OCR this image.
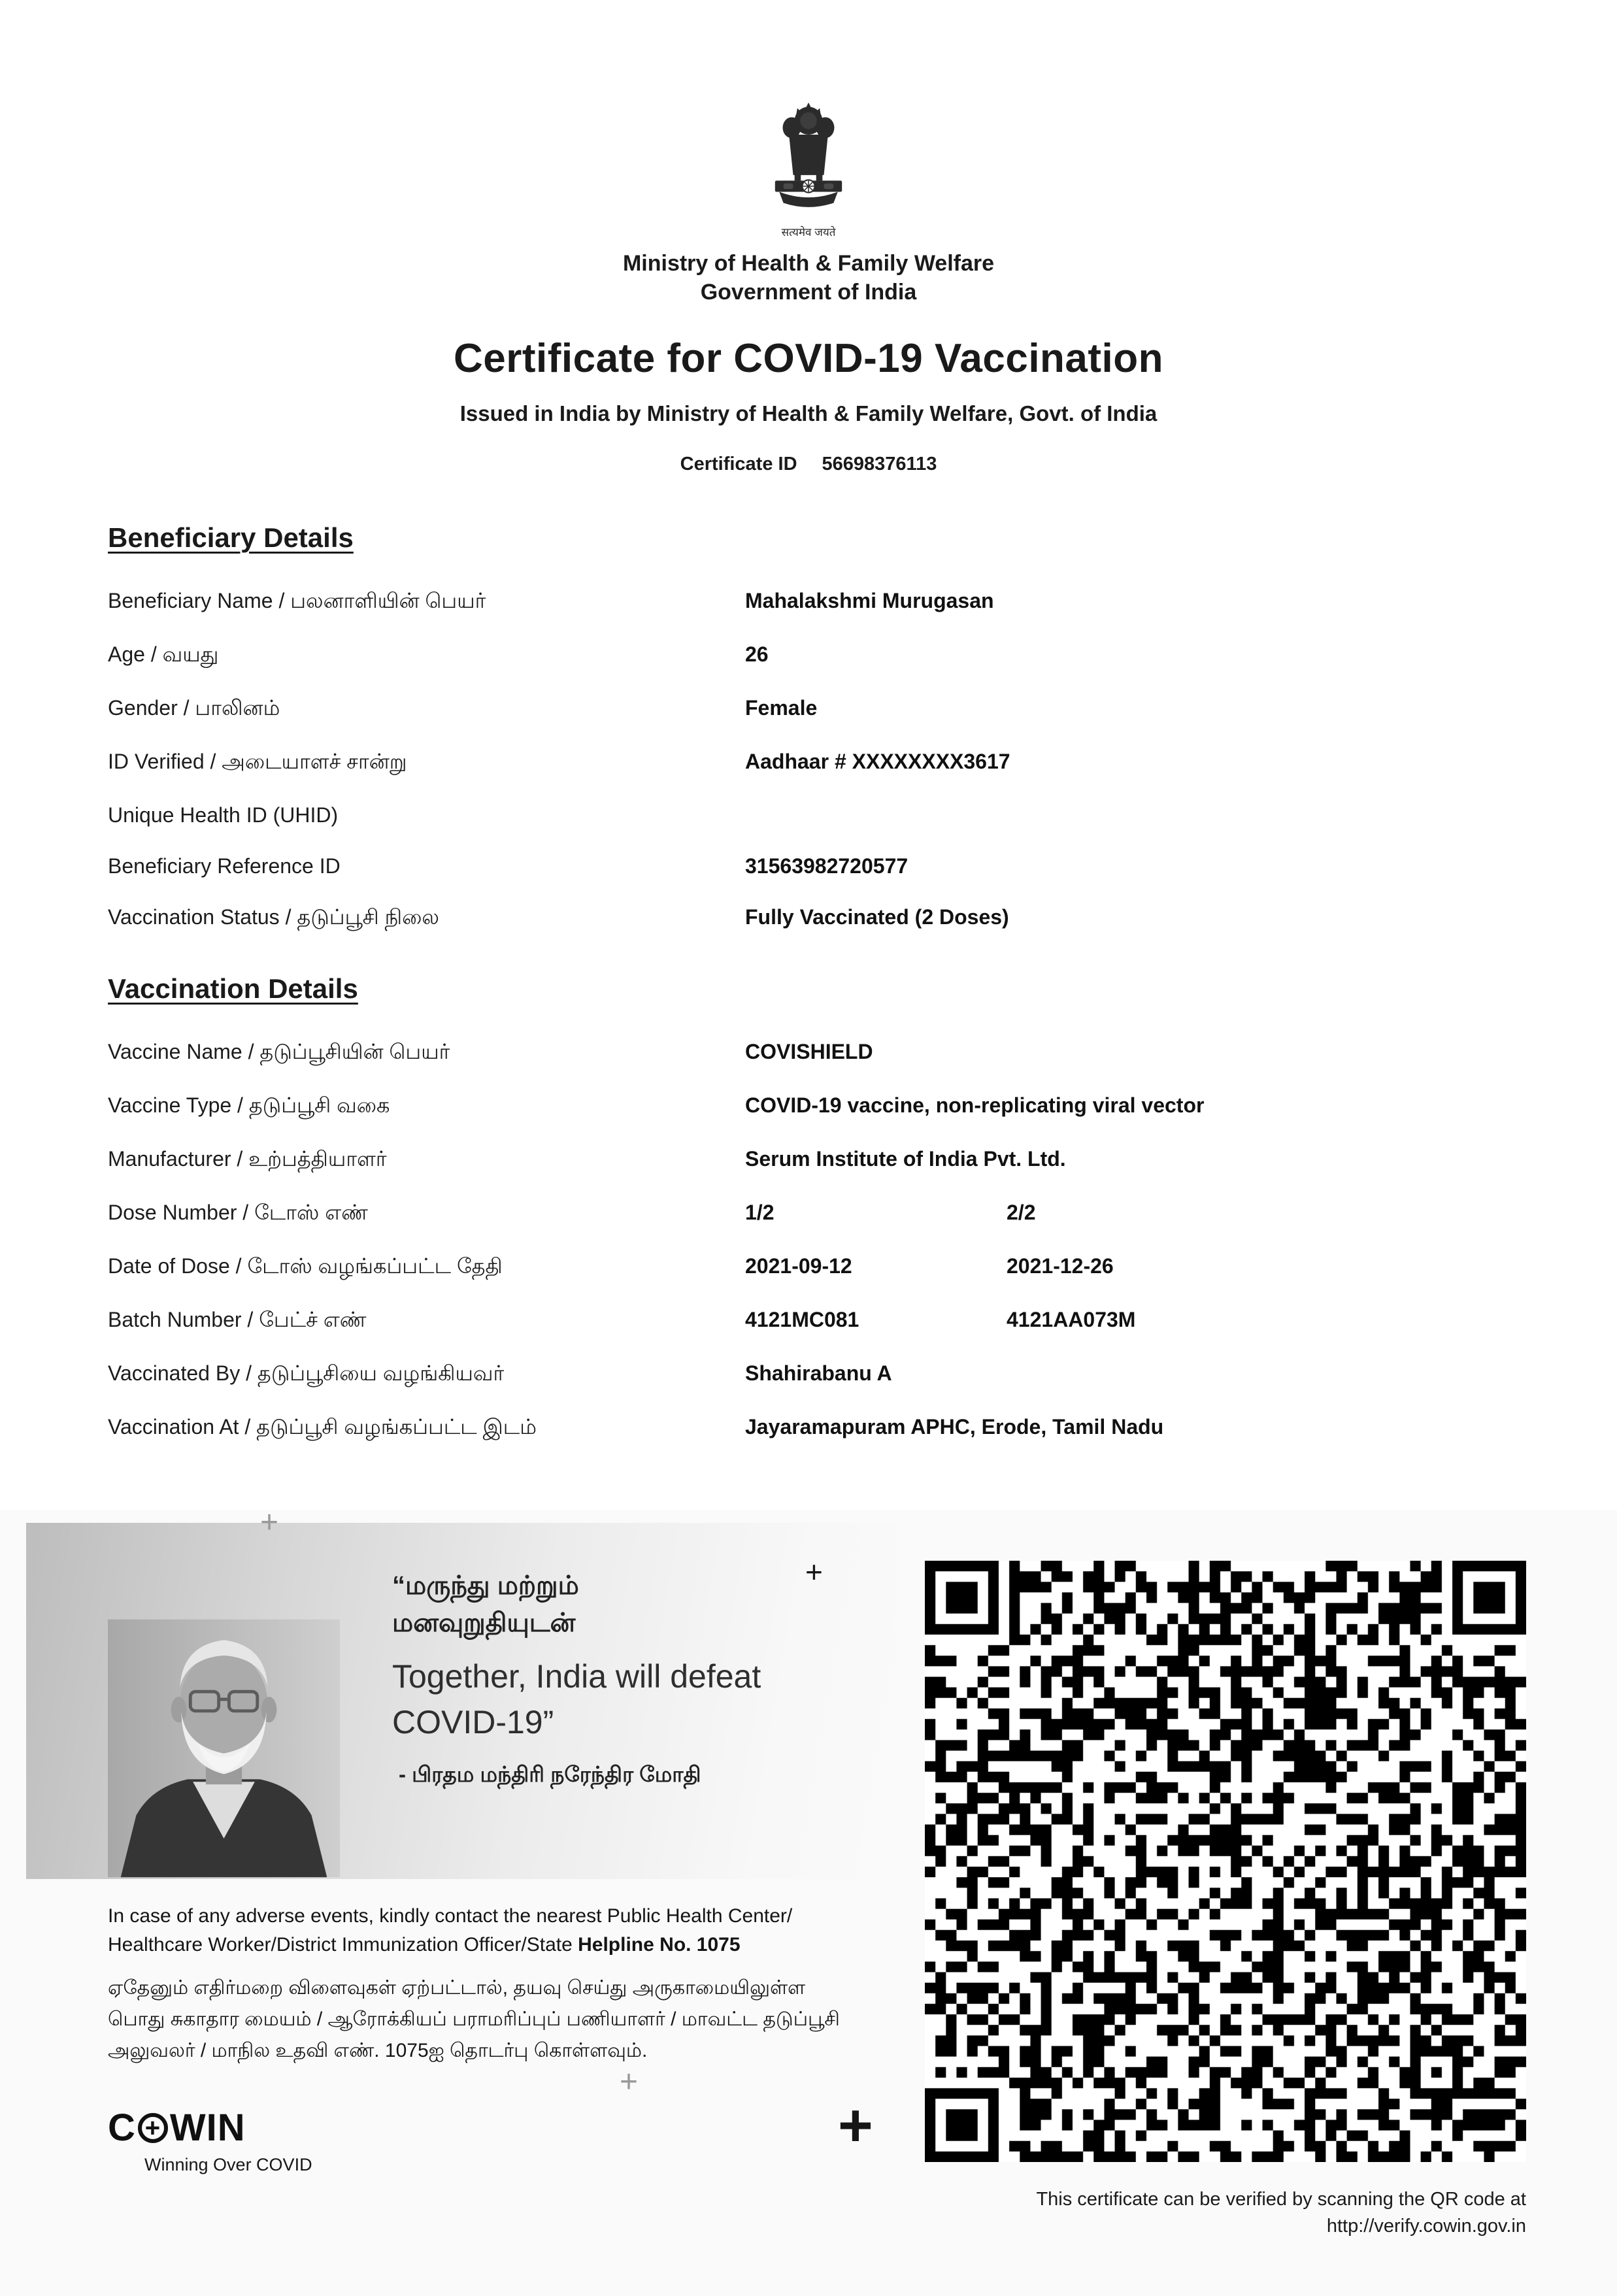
सत्यमेव जयते
Ministry of Health & Family Welfare
Government of India
Certificate for COVID-19 Vaccination
Issued in India by Ministry of Health & Family Welfare, Govt. of India
Certificate ID 56698376113
Beneficiary Details
Beneficiary Name / பலனாளியின் பெயர்	Mahalakshmi Murugasan
Age / வயது	26
Gender / பாலினம்	Female
ID Verified / அடையாளச் சான்று	Aadhaar # XXXXXXXX3617
Unique Health ID (UHID)
Beneficiary Reference ID	31563982720577
Vaccination Status / தடுப்பூசி நிலை	Fully Vaccinated (2 Doses)
Vaccination Details
Vaccine Name / தடுப்பூசியின் பெயர்	COVISHIELD
Vaccine Type / தடுப்பூசி வகை	COVID-19 vaccine, non-replicating viral vector
Manufacturer / உற்பத்தியாளர்	Serum Institute of India Pvt. Ltd.
Dose Number / டோஸ் எண்	1/2	2/2
Date of Dose / டோஸ் வழங்கப்பட்ட தேதி	2021-09-12	2021-12-26
Batch Number / பேட்ச் எண்	4121MC081	4121AA073M
Vaccinated By / தடுப்பூசியை வழங்கியவர்	Shahirabanu A
Vaccination At / தடுப்பூசி வழங்கப்பட்ட இடம்	Jayaramapuram APHC, Erode, Tamil Nadu
“மருந்து மற்றும்
மனவுறுதியுடன்
Together, India will defeat
COVID-19”
- பிரதம மந்திரி நரேந்திர மோதி
In case of any adverse events, kindly contact the nearest Public Health Center/
Healthcare Worker/District Immunization Officer/State Helpline No. 1075
ஏதேனும் எதிர்மறை விளைவுகள் ஏற்பட்டால், தயவு செய்து அருகாமையிலுள்ள பொது சுகாதார மையம் / ஆரோக்கியப் பராமரிப்புப் பணியாளர் / மாவட்ட தடுப்பூசி அலுவலர் / மாநில உதவி எண். 1075ஐ தொடர்பு கொள்ளவும்.
C + WIN
Winning Over COVID
This certificate can be verified by scanning the QR code at
http://verify.cowin.gov.in
+
+
+
+
